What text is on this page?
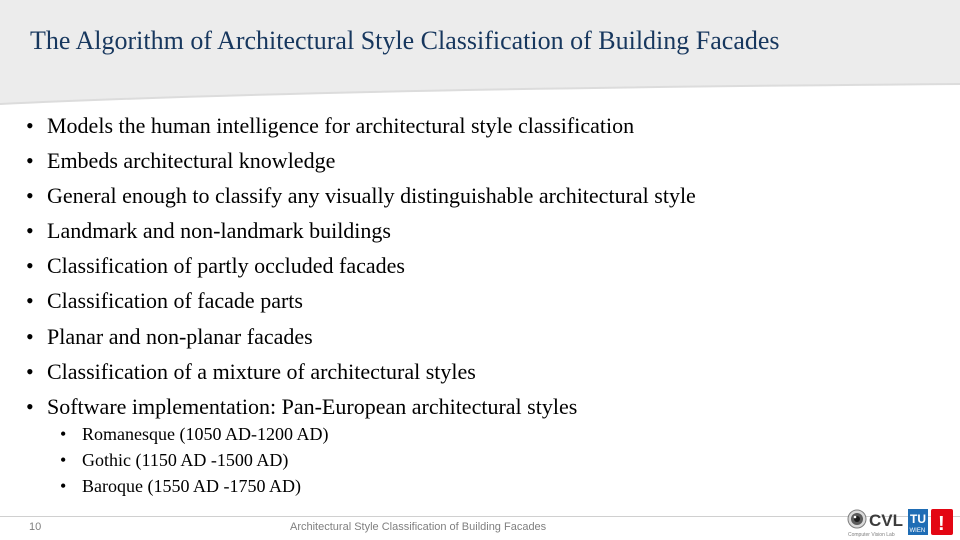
The Algorithm of Architectural Style Classification of Building Facades
• Models the human intelligence for architectural style classification
• Embeds architectural knowledge
• General enough to classify any visually distinguishable architectural style
• Landmark and non-landmark buildings
• Classification of partly occluded facades
• Classification of facade parts
• Planar and non-planar facades
• Classification of a mixture of architectural styles
• Software implementation: Pan-European architectural styles
• Romanesque (1050 AD-1200 AD)
• Gothic (1150 AD -1500 AD)
• Baroque (1550 AD -1750 AD)
10	Architectural Style Classification of Building Facades	CVL
Computer Vision Lab
TU
WIEN !
